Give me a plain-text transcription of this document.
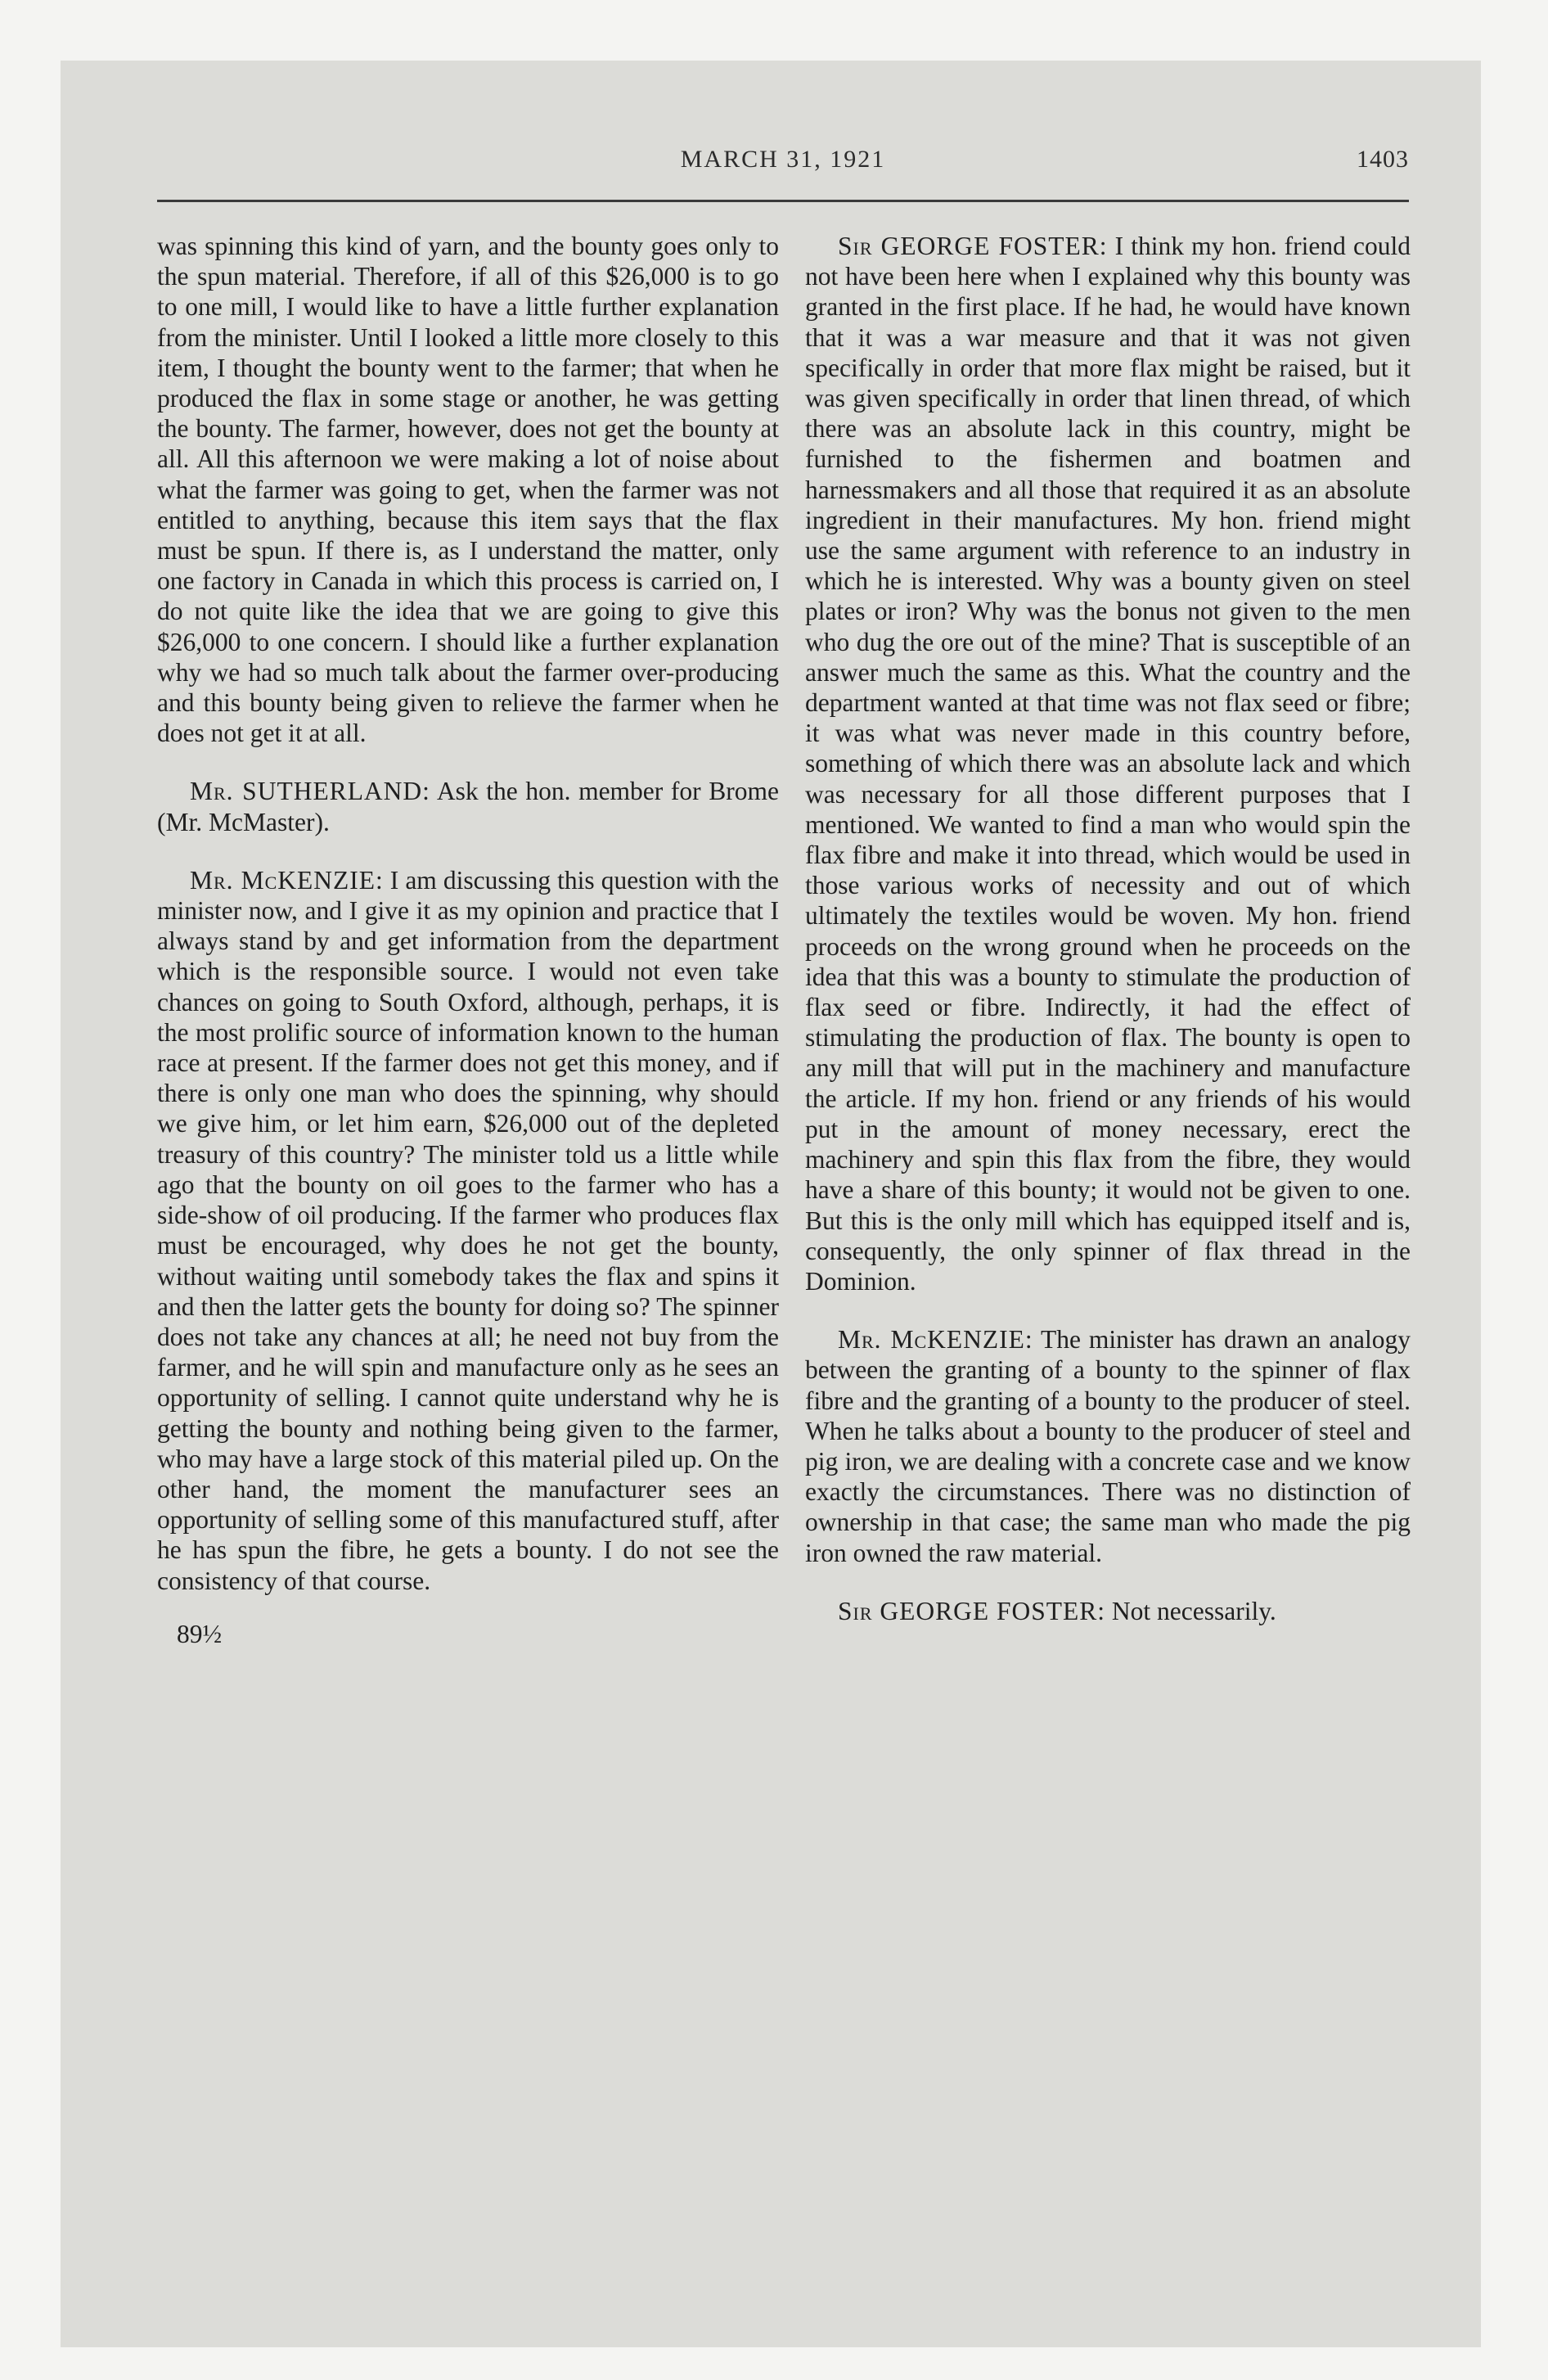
MARCH 31, 1921	1403

was spinning this kind of yarn, and the bounty goes only to the spun material. Therefore, if all of this $26,000 is to go to one mill, I would like to have a little further explanation from the minister. Until I looked a little more closely to this item, I thought the bounty went to the farmer; that when he produced the flax in some stage or another, he was getting the bounty. The farmer, however, does not get the bounty at all. All this afternoon we were making a lot of noise about what the farmer was going to get, when the farmer was not entitled to anything, because this item says that the flax must be spun. If there is, as I understand the matter, only one factory in Canada in which this process is carried on, I do not quite like the idea that we are going to give this $26,000 to one concern. I should like a further explanation why we had so much talk about the farmer over-producing and this bounty being given to relieve the farmer when he does not get it at all.

Mr. SUTHERLAND: Ask the hon. member for Brome (Mr. McMaster).

Mr. McKENZIE: I am discussing this question with the minister now, and I give it as my opinion and practice that I always stand by and get information from the department which is the responsible source. I would not even take chances on going to South Oxford, although, perhaps, it is the most prolific source of information known to the human race at present. If the farmer does not get this money, and if there is only one man who does the spinning, why should we give him, or let him earn, $26,000 out of the depleted treasury of this country? The minister told us a little while ago that the bounty on oil goes to the farmer who has a side-show of oil producing. If the farmer who produces flax must be encouraged, why does he not get the bounty, without waiting until somebody takes the flax and spins it and then the latter gets the bounty for doing so? The spinner does not take any chances at all; he need not buy from the farmer, and he will spin and manufacture only as he sees an opportunity of selling. I cannot quite understand why he is getting the bounty and nothing being given to the farmer, who may have a large stock of this material piled up. On the other hand, the moment the manufacturer sees an opportunity of selling some of this manufactured stuff, after he has spun the fibre, he gets a bounty. I do not see the consistency of that course.

89½

Sir GEORGE FOSTER: I think my hon. friend could not have been here when I explained why this bounty was granted in the first place. If he had, he would have known that it was a war measure and that it was not given specifically in order that more flax might be raised, but it was given specifically in order that linen thread, of which there was an absolute lack in this country, might be furnished to the fishermen and boatmen and harnessmakers and all those that required it as an absolute ingredient in their manufactures. My hon. friend might use the same argument with reference to an industry in which he is interested. Why was a bounty given on steel plates or iron? Why was the bonus not given to the men who dug the ore out of the mine? That is susceptible of an answer much the same as this. What the country and the department wanted at that time was not flax seed or fibre; it was what was never made in this country before, something of which there was an absolute lack and which was necessary for all those different purposes that I mentioned. We wanted to find a man who would spin the flax fibre and make it into thread, which would be used in those various works of necessity and out of which ultimately the textiles would be woven. My hon. friend proceeds on the wrong ground when he proceeds on the idea that this was a bounty to stimulate the production of flax seed or fibre. Indirectly, it had the effect of stimulating the production of flax. The bounty is open to any mill that will put in the machinery and manufacture the article. If my hon. friend or any friends of his would put in the amount of money necessary, erect the machinery and spin this flax from the fibre, they would have a share of this bounty; it would not be given to one. But this is the only mill which has equipped itself and is, consequently, the only spinner of flax thread in the Dominion.

Mr. McKENZIE: The minister has drawn an analogy between the granting of a bounty to the spinner of flax fibre and the granting of a bounty to the producer of steel. When he talks about a bounty to the producer of steel and pig iron, we are dealing with a concrete case and we know exactly the circumstances. There was no distinction of ownership in that case; the same man who made the pig iron owned the raw material.

Sir GEORGE FOSTER: Not necessarily.
